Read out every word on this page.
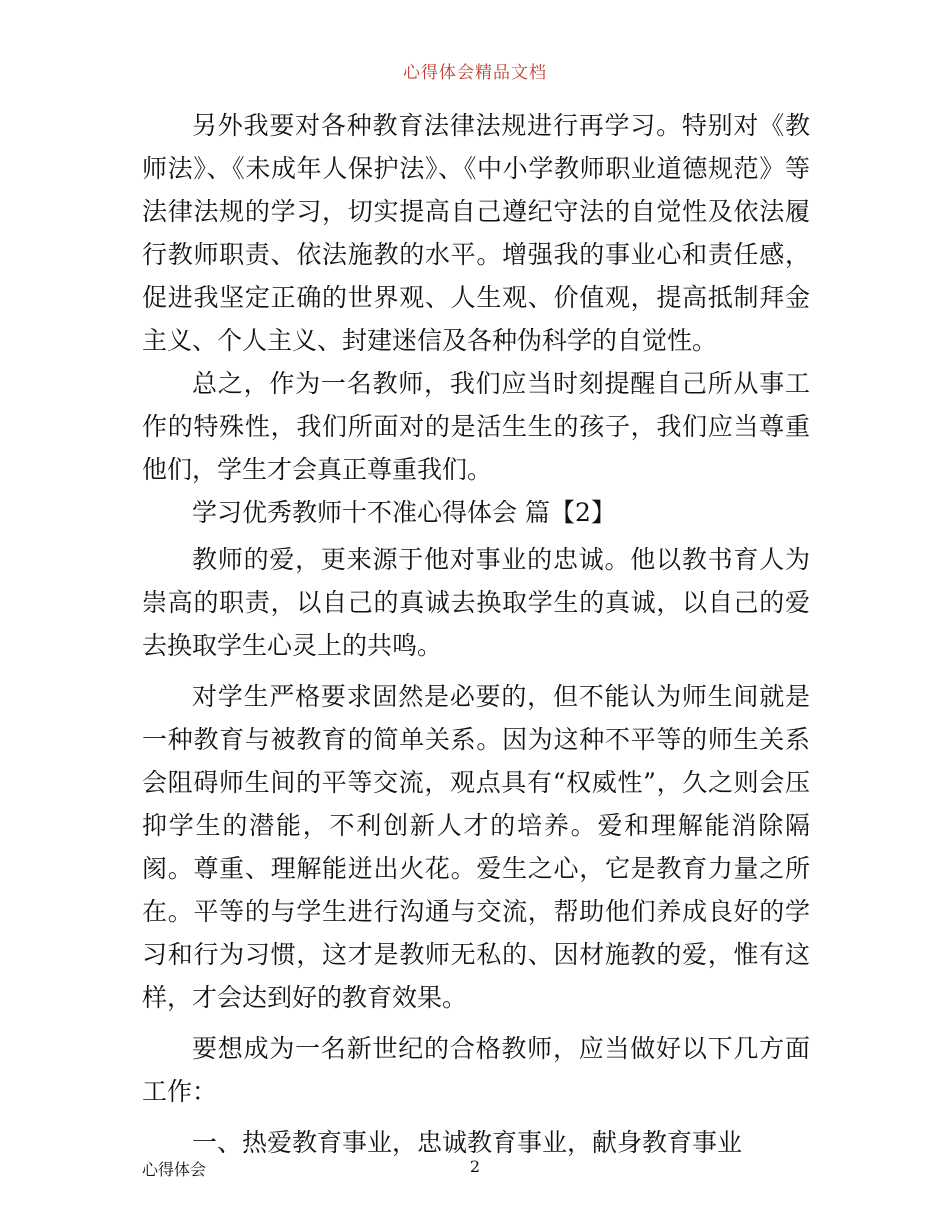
心得体会精品文档

另外我要对各种教育法律法规进行再学习。特别对《教师法》、《未成年人保护法》、《中小学教师职业道德规范》等法律法规的学习，切实提高自己遵纪守法的自觉性及依法履行教师职责、依法施教的水平。增强我的事业心和责任感，促进我坚定正确的世界观、人生观、价值观，提高抵制拜金主义、个人主义、封建迷信及各种伪科学的自觉性。

总之，作为一名教师，我们应当时刻提醒自己所从事工作的特殊性，我们所面对的是活生生的孩子，我们应当尊重他们，学生才会真正尊重我们。

学习优秀教师十不准心得体会 篇【2】

教师的爱，更来源于他对事业的忠诚。他以教书育人为崇高的职责，以自己的真诚去换取学生的真诚，以自己的爱去换取学生心灵上的共鸣。

对学生严格要求固然是必要的，但不能认为师生间就是一种教育与被教育的简单关系。因为这种不平等的师生关系会阻碍师生间的平等交流，观点具有“权威性”，久之则会压抑学生的潜能，不利创新人才的培养。爱和理解能消除隔阂。尊重、理解能迸出火花。爱生之心，它是教育力量之所在。平等的与学生进行沟通与交流，帮助他们养成良好的学习和行为习惯，这才是教师无私的、因材施教的爱，惟有这样，才会达到好的教育效果。

要想成为一名新世纪的合格教师，应当做好以下几方面工作：

一、热爱教育事业，忠诚教育事业，献身教育事业

心得体会	2
